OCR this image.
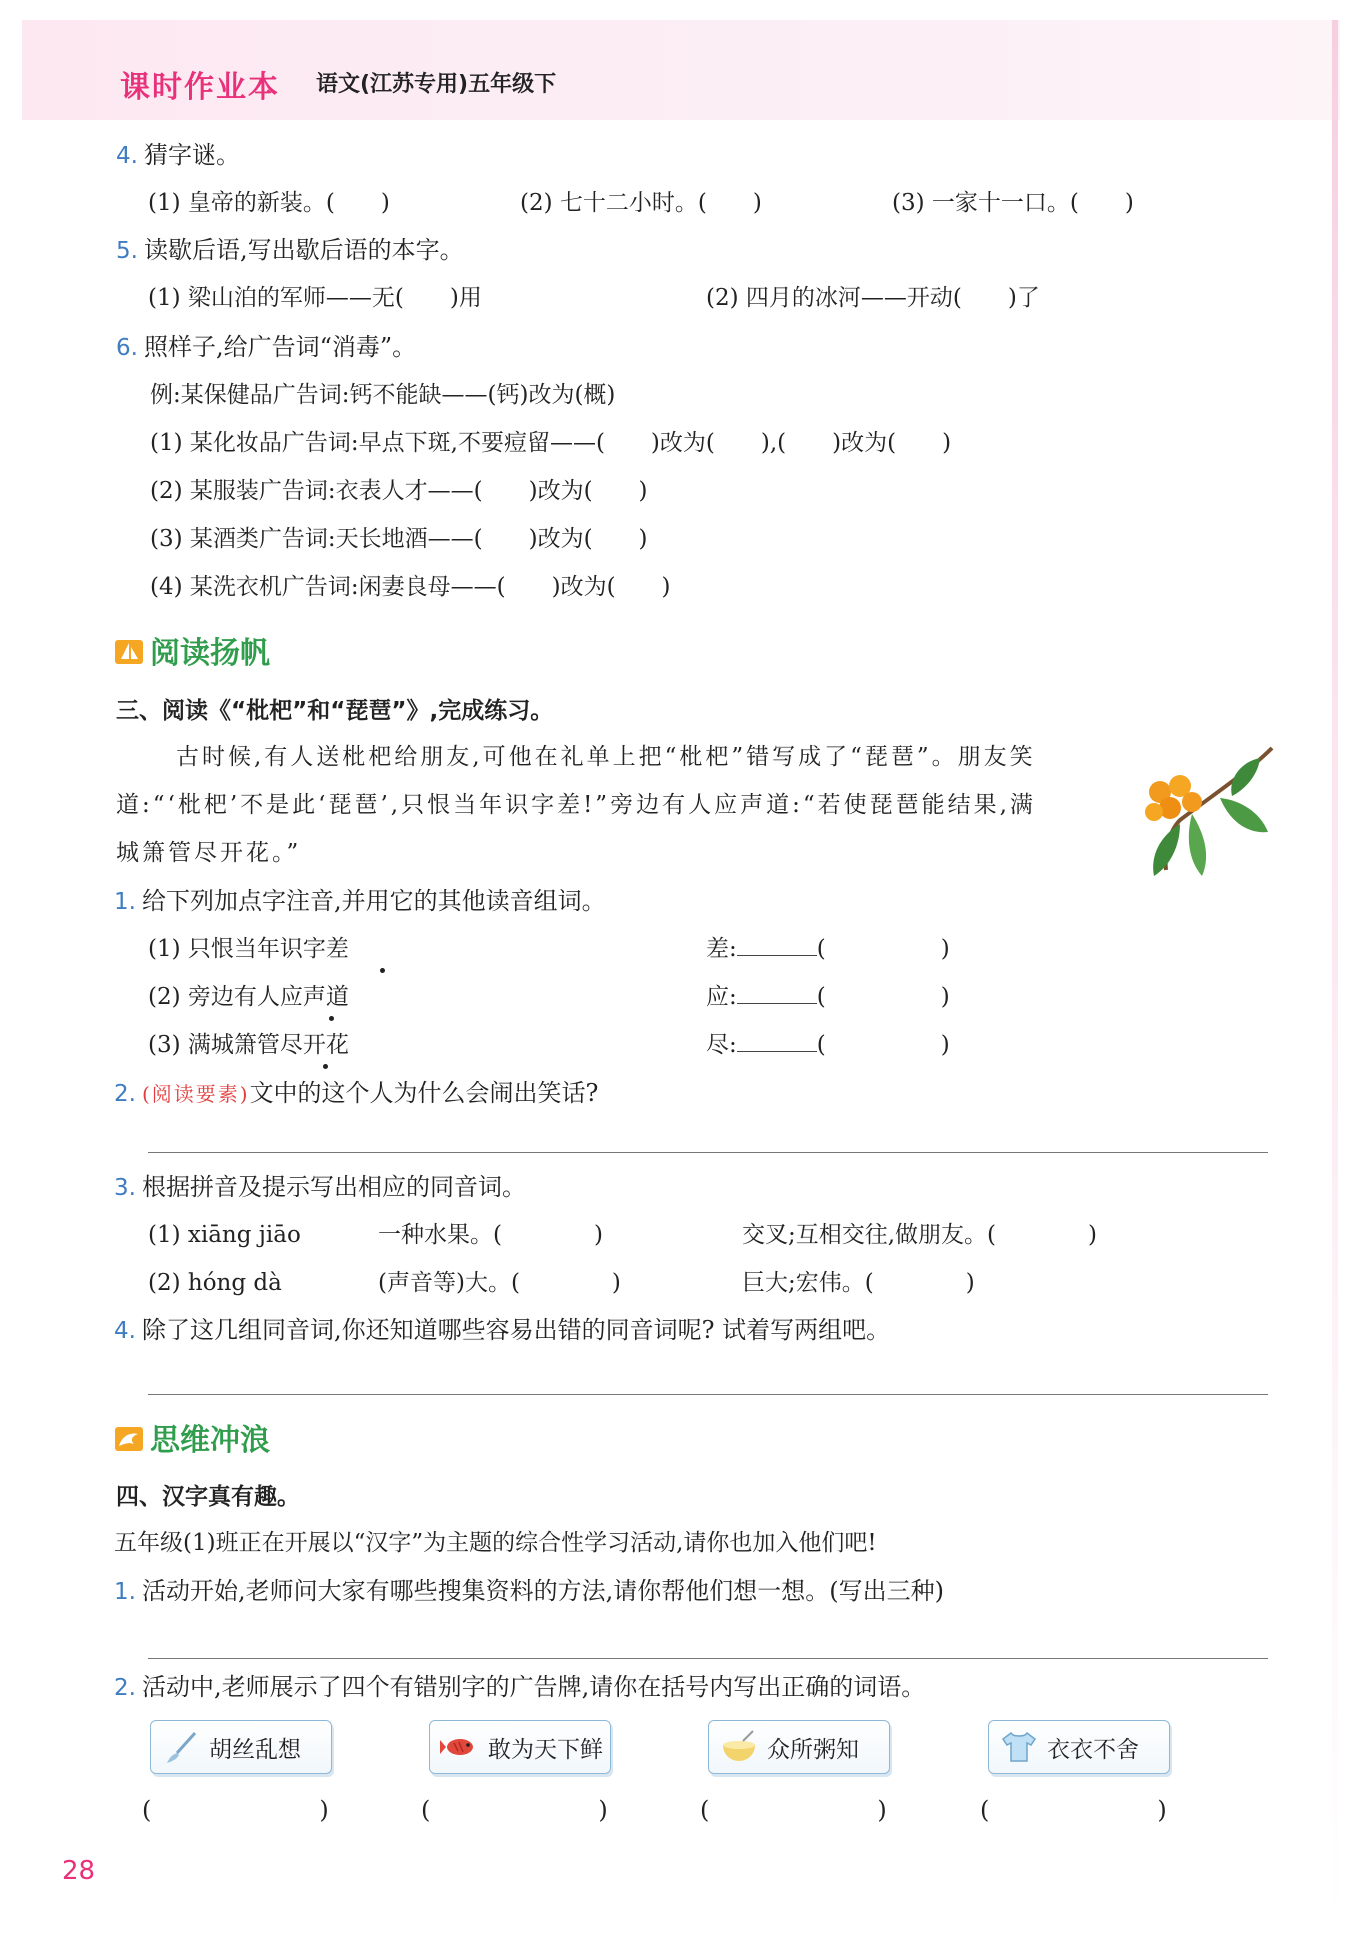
课时作业本 语文(江苏专用)五年级下
4. 猜字谜。
(1) 皇帝的新装。(　　)	(2) 七十二小时。(　　)	(3) 一家十一口。(　　)
5. 读歇后语,写出歇后语的本字。
(1) 梁山泊的军师——无(　　)用	(2) 四月的冰河——开动(　　)了
6. 照样子,给广告词“消毒”。
例:某保健品广告词:钙不能缺——(钙)改为(概)
(1) 某化妆品广告词:早点下斑,不要痘留——(　　)改为(　　),(　　)改为(　　)
(2) 某服装广告词:衣表人才——(　　)改为(　　)
(3) 某酒类广告词:天长地酒——(　　)改为(　　)
(4) 某洗衣机广告词:闲妻良母——(　　)改为(　　)
阅读扬帆
三、阅读《“枇杷”和“琵琶”》,完成练习。
古时候,有人送枇杷给朋友,可他在礼单上把“枇杷”错写成了“琵琶”。朋友笑
道:“‘枇杷’不是此‘琵琶’,只恨当年识字差!”旁边有人应声道:“若使琵琶能结果,满
城箫管尽开花。”
1. 给下列加点字注音,并用它的其他读音组词。
(1) 只恨当年识字差	差:	(　　　　　)
(2) 旁边有人应声道	应:	(　　　　　)
(3) 满城箫管尽开花	尽:	(　　　　　)
2. (阅读要素)文中的这个人为什么会闹出笑话?
3. 根据拼音及提示写出相应的同音词。
(1) xiāng jiāo	一种水果。(　　　　)	交叉;互相交往,做朋友。(　　　　)
(2) hóng dà	(声音等)大。(　　　　)	巨大;宏伟。(　　　　)
4. 除了这几组同音词,你还知道哪些容易出错的同音词呢? 试着写两组吧。
思维冲浪
四、汉字真有趣。
五年级(1)班正在开展以“汉字”为主题的综合性学习活动,请你也加入他们吧!
1. 活动开始,老师问大家有哪些搜集资料的方法,请你帮他们想一想。(写出三种)
2. 活动中,老师展示了四个有错别字的广告牌,请你在括号内写出正确的词语。
胡丝乱想	敢为天下鲜	众所粥知	衣衣不舍
(　　　　　　　)	(　　　　　　　)	(　　　　　　　)	(　　　　　　　)
28
